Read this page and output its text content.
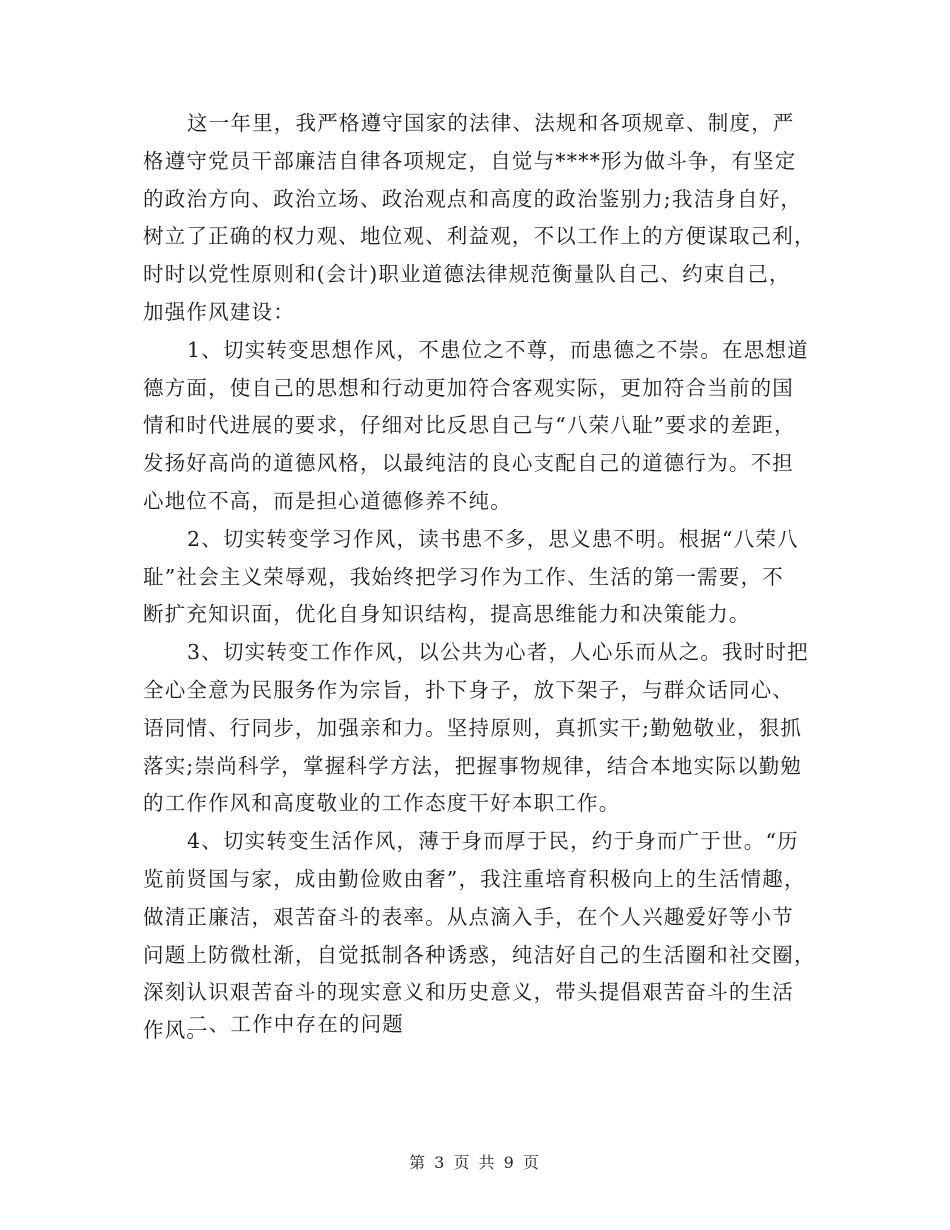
这一年里，我严格遵守国家的法律、法规和各项规章、制度，严
格遵守党员干部廉洁自律各项规定，自觉与****形为做斗争，有坚定
的政治方向、政治立场、政治观点和高度的政治鉴别力;我洁身自好，
树立了正确的权力观、地位观、利益观，不以工作上的方便谋取己利，
时时以党性原则和(会计)职业道德法律规范衡量队自己、约束自己，
加强作风建设：
1、切实转变思想作风，不患位之不尊，而患德之不崇。在思想道
德方面，使自己的思想和行动更加符合客观实际，更加符合当前的国
情和时代进展的要求，仔细对比反思自己与“八荣八耻”要求的差距，
发扬好高尚的道德风格，以最纯洁的良心支配自己的道德行为。不担
心地位不高，而是担心道德修养不纯。
2、切实转变学习作风，读书患不多，思义患不明。根据“八荣八
耻”社会主义荣辱观，我始终把学习作为工作、生活的第一需要，不
断扩充知识面，优化自身知识结构，提高思维能力和决策能力。
3、切实转变工作作风，以公共为心者，人心乐而从之。我时时把
全心全意为民服务作为宗旨，扑下身子，放下架子，与群众话同心、
语同情、行同步，加强亲和力。坚持原则，真抓实干;勤勉敬业，狠抓
落实;崇尚科学，掌握科学方法，把握事物规律，结合本地实际以勤勉
的工作作风和高度敬业的工作态度干好本职工作。
4、切实转变生活作风，薄于身而厚于民，约于身而广于世。“历
览前贤国与家，成由勤俭败由奢”，我注重培育积极向上的生活情趣，
做清正廉洁，艰苦奋斗的表率。从点滴入手，在个人兴趣爱好等小节
问题上防微杜渐，自觉抵制各种诱惑，纯洁好自己的生活圈和社交圈，
深刻认识艰苦奋斗的现实意义和历史意义，带头提倡艰苦奋斗的生活
作风。
二、工作中存在的问题
第 3 页 共 9 页
